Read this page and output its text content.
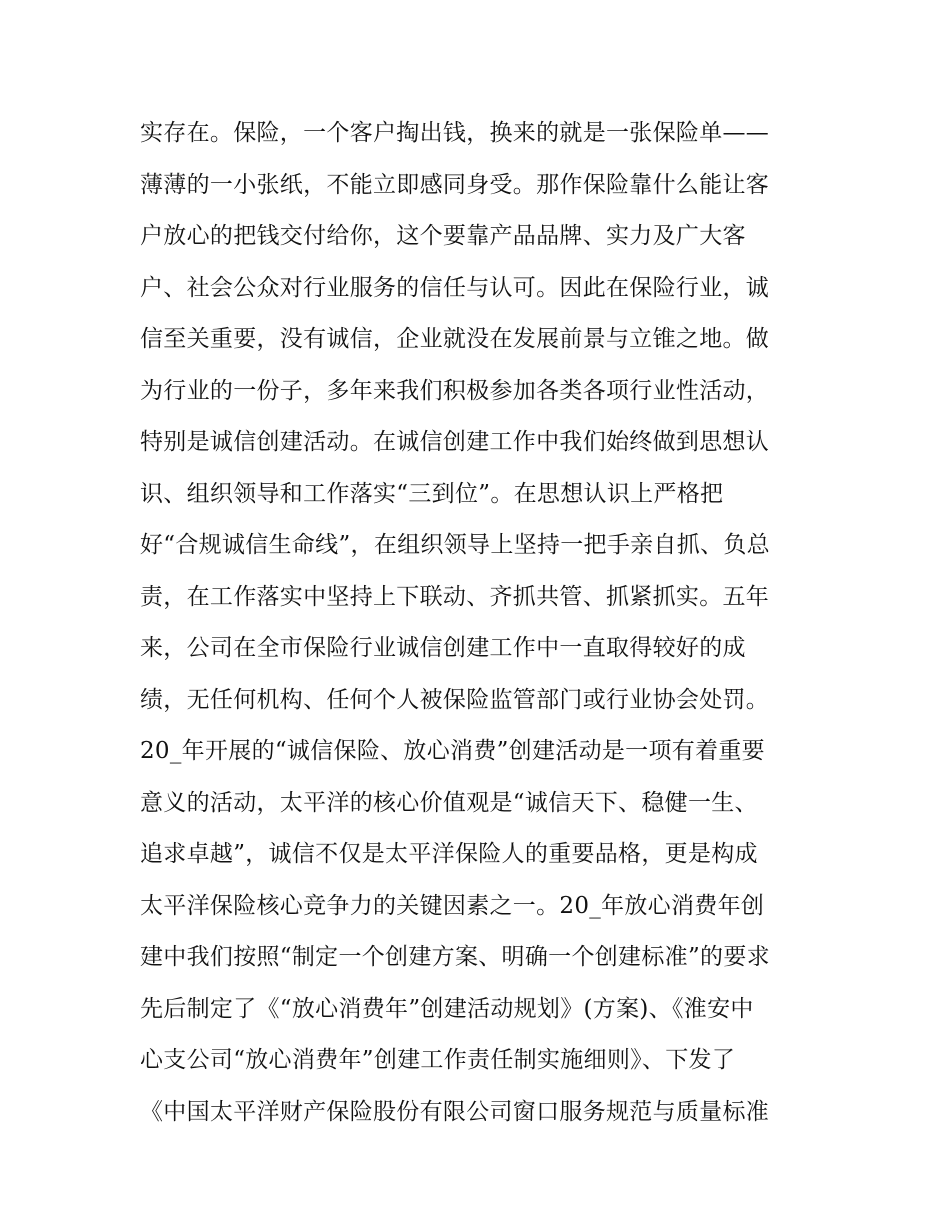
实存在。保险，一个客户掏出钱，换来的就是一张保险单——
薄薄的一小张纸，不能立即感同身受。那作保险靠什么能让客
户放心的把钱交付给你，这个要靠产品品牌、实力及广大客
户、社会公众对行业服务的信任与认可。因此在保险行业，诚
信至关重要，没有诚信，企业就没在发展前景与立锥之地。做
为行业的一份子，多年来我们积极参加各类各项行业性活动，
特别是诚信创建活动。在诚信创建工作中我们始终做到思想认
识、组织领导和工作落实“三到位”。在思想认识上严格把
好“合规诚信生命线”，在组织领导上坚持一把手亲自抓、负总
责，在工作落实中坚持上下联动、齐抓共管、抓紧抓实。五年
来，公司在全市保险行业诚信创建工作中一直取得较好的成
绩，无任何机构、任何个人被保险监管部门或行业协会处罚。
20_年开展的“诚信保险、放心消费”创建活动是一项有着重要
意义的活动，太平洋的核心价值观是“诚信天下、稳健一生、
追求卓越”，诚信不仅是太平洋保险人的重要品格，更是构成
太平洋保险核心竞争力的关键因素之一。20_年放心消费年创
建中我们按照“制定一个创建方案、明确一个创建标准”的要求
先后制定了《“放心消费年”创建活动规划》(方案)、《淮安中
心支公司“放心消费年”创建工作责任制实施细则》、下发了
《中国太平洋财产保险股份有限公司窗口服务规范与质量标准
